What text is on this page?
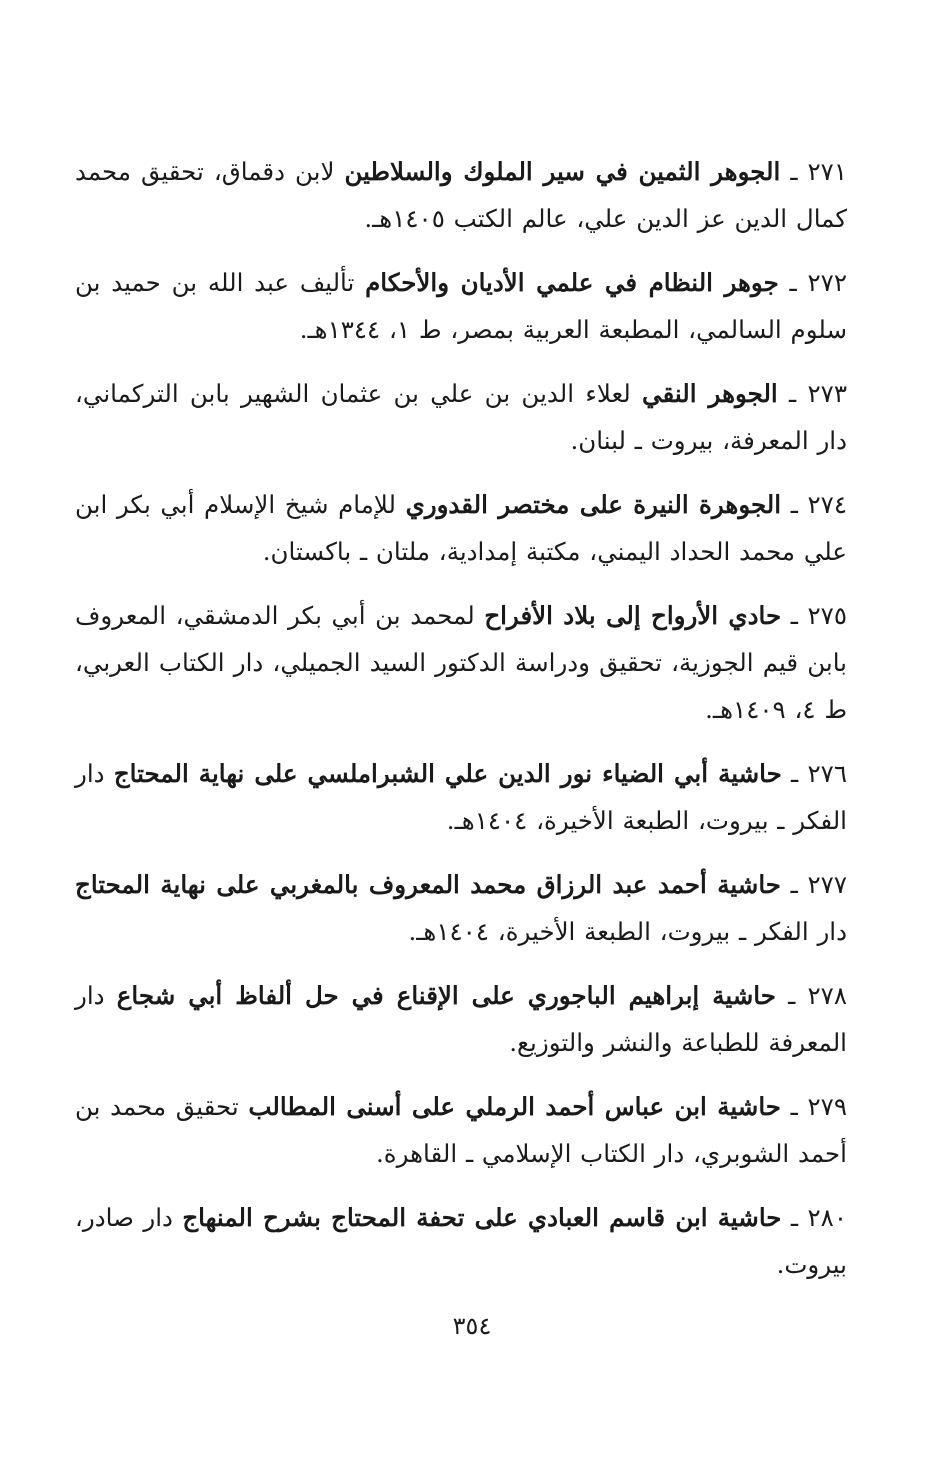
٢٧١ ـ الجوهر الثمين في سير الملوك والسلاطين لابن دقماق، تحقيق محمد كمال الدين عز الدين علي، عالم الكتب ١٤٠٥هـ.

٢٧٢ ـ جوهر النظام في علمي الأديان والأحكام تأليف عبد الله بن حميد بن سلوم السالمي، المطبعة العربية بمصر، ط ١، ١٣٤٤هـ.

٢٧٣ ـ الجوهر النقي لعلاء الدين بن علي بن عثمان الشهير بابن التركماني، دار المعرفة، بيروت ـ لبنان.

٢٧٤ ـ الجوهرة النيرة على مختصر القدوري للإمام شيخ الإسلام أبي بكر ابن علي محمد الحداد اليمني، مكتبة إمدادية، ملتان ـ باكستان.

٢٧٥ ـ حادي الأرواح إلى بلاد الأفراح لمحمد بن أبي بكر الدمشقي، المعروف بابن قيم الجوزية، تحقيق ودراسة الدكتور السيد الجميلي، دار الكتاب العربي، ط ٤، ١٤٠٩هـ.

٢٧٦ ـ حاشية أبي الضياء نور الدين علي الشبراملسي على نهاية المحتاج دار الفكر ـ بيروت، الطبعة الأخيرة، ١٤٠٤هـ.

٢٧٧ ـ حاشية أحمد عبد الرزاق محمد المعروف بالمغربي على نهاية المحتاج دار الفكر ـ بيروت، الطبعة الأخيرة، ١٤٠٤هـ.

٢٧٨ ـ حاشية إبراهيم الباجوري على الإقناع في حل ألفاظ أبي شجاع دار المعرفة للطباعة والنشر والتوزيع.

٢٧٩ ـ حاشية ابن عباس أحمد الرملي على أسنى المطالب تحقيق محمد بن أحمد الشوبري، دار الكتاب الإسلامي ـ القاهرة.

٢٨٠ ـ حاشية ابن قاسم العبادي على تحفة المحتاج بشرح المنهاج دار صادر، بيروت.

٣٥٤
